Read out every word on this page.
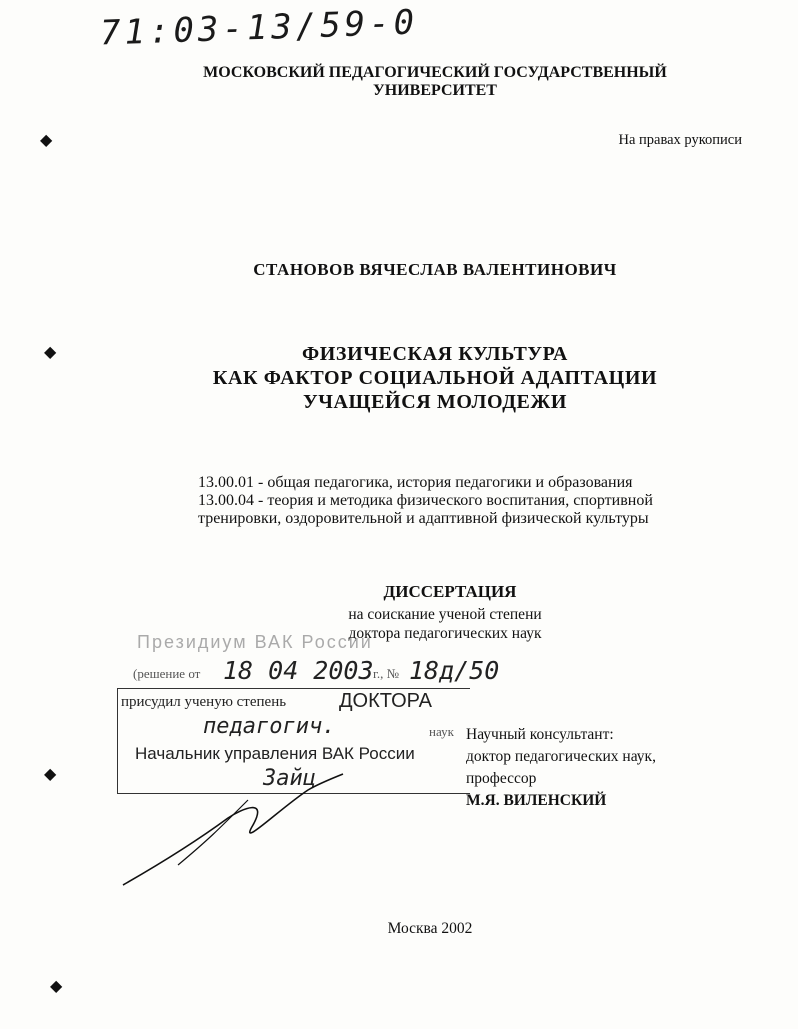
71:03-13/59-0
МОСКОВСКИЙ ПЕДАГОГИЧЕСКИЙ ГОСУДАРСТВЕННЫЙ УНИВЕРСИТЕТ
На правах рукописи
СТАНОВОВ ВЯЧЕСЛАВ ВАЛЕНТИНОВИЧ
ФИЗИЧЕСКАЯ КУЛЬТУРА
КАК ФАКТОР СОЦИАЛЬНОЙ АДАПТАЦИИ
УЧАЩЕЙСЯ МОЛОДЕЖИ
13.00.01 - общая педагогика, история педагогики и образования
13.00.04 - теория и методика физического воспитания, спортивной
тренировки, оздоровительной и адаптивной физической культуры
ДИССЕРТАЦИЯ
на соискание ученой степени
доктора педагогических наук
Президиум ВАК России
(решение от 18 04 2003 г., № 18д/50
присудил ученую степень	ДОКТОРА
педагогич.	наук
Начальник управления ВАК России
Зайц
Научный консультант:
доктор педагогических наук,
профессор
М.Я. ВИЛЕНСКИЙ
Москва 2002
◆
◆
◆
◆
